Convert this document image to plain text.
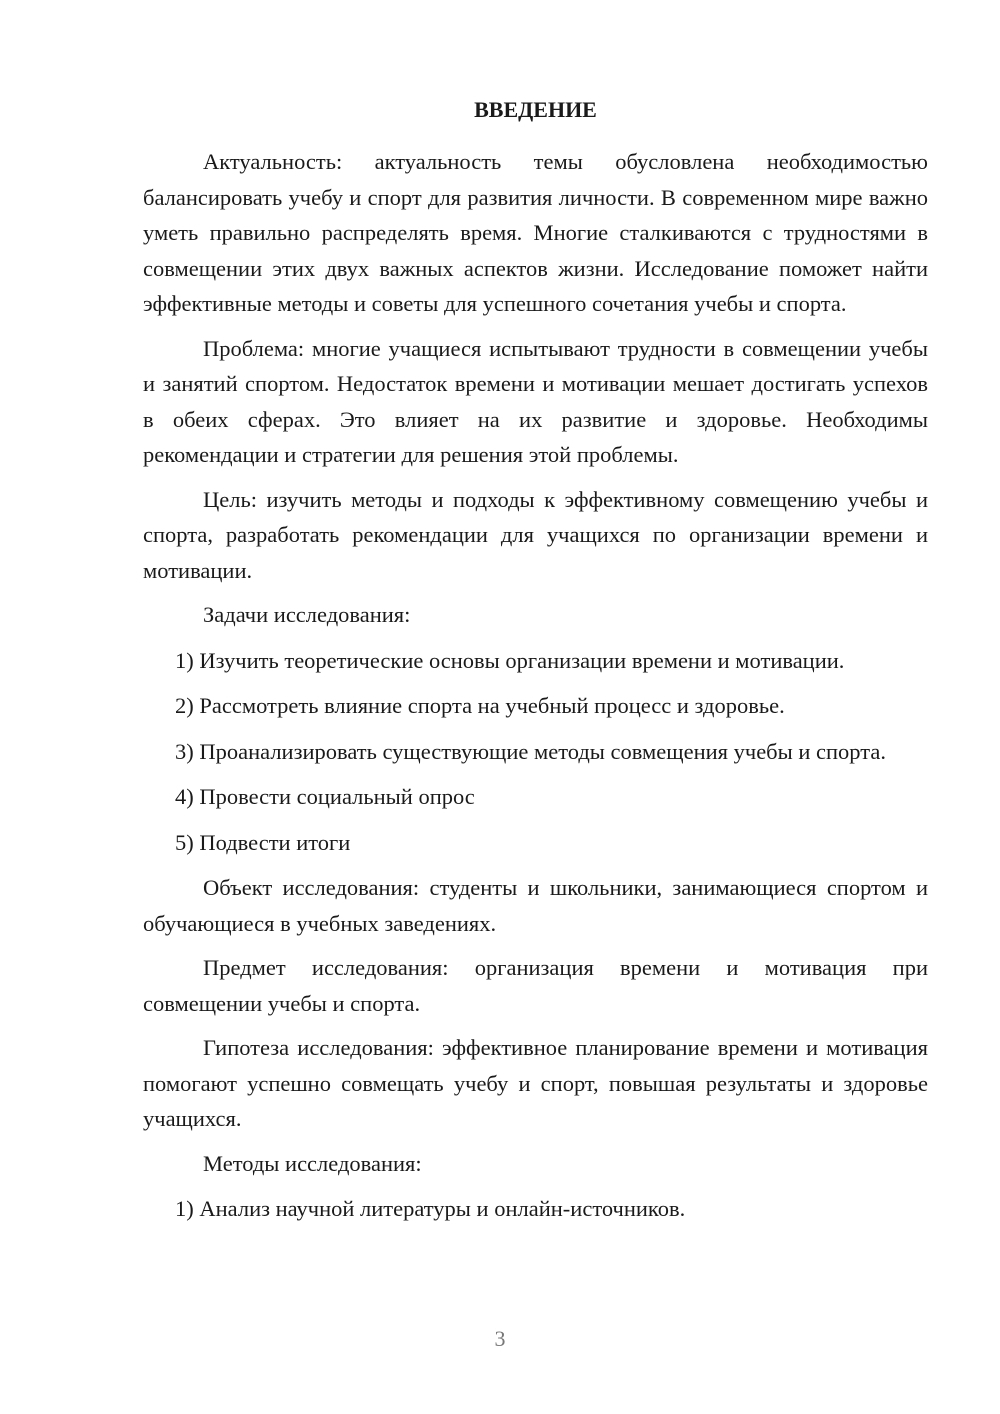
ВВЕДЕНИЕ

Актуальность: актуальность темы обусловлена необходимостью балансировать учебу и спорт для развития личности. В современном мире важно уметь правильно распределять время. Многие сталкиваются с трудностями в совмещении этих двух важных аспектов жизни. Исследование поможет найти эффективные методы и советы для успешного сочетания учебы и спорта.

Проблема: многие учащиеся испытывают трудности в совмещении учебы и занятий спортом. Недостаток времени и мотивации мешает достигать успехов в обеих сферах. Это влияет на их развитие и здоровье. Необходимы рекомендации и стратегии для решения этой проблемы.

Цель: изучить методы и подходы к эффективному совмещению учебы и спорта, разработать рекомендации для учащихся по организации времени и мотивации.

Задачи исследования:

1) Изучить теоретические основы организации времени и мотивации.

2) Рассмотреть влияние спорта на учебный процесс и здоровье.

3) Проанализировать существующие методы совмещения учебы и спорта.

4) Провести социальный опрос

5) Подвести итоги

Объект исследования: студенты и школьники, занимающиеся спортом и обучающиеся в учебных заведениях.

Предмет исследования: организация времени и мотивация при совмещении учебы и спорта.

Гипотеза исследования: эффективное планирование времени и мотивация помогают успешно совмещать учебу и спорт, повышая результаты и здоровье учащихся.

Методы исследования:

1) Анализ научной литературы и онлайн-источников.

3
